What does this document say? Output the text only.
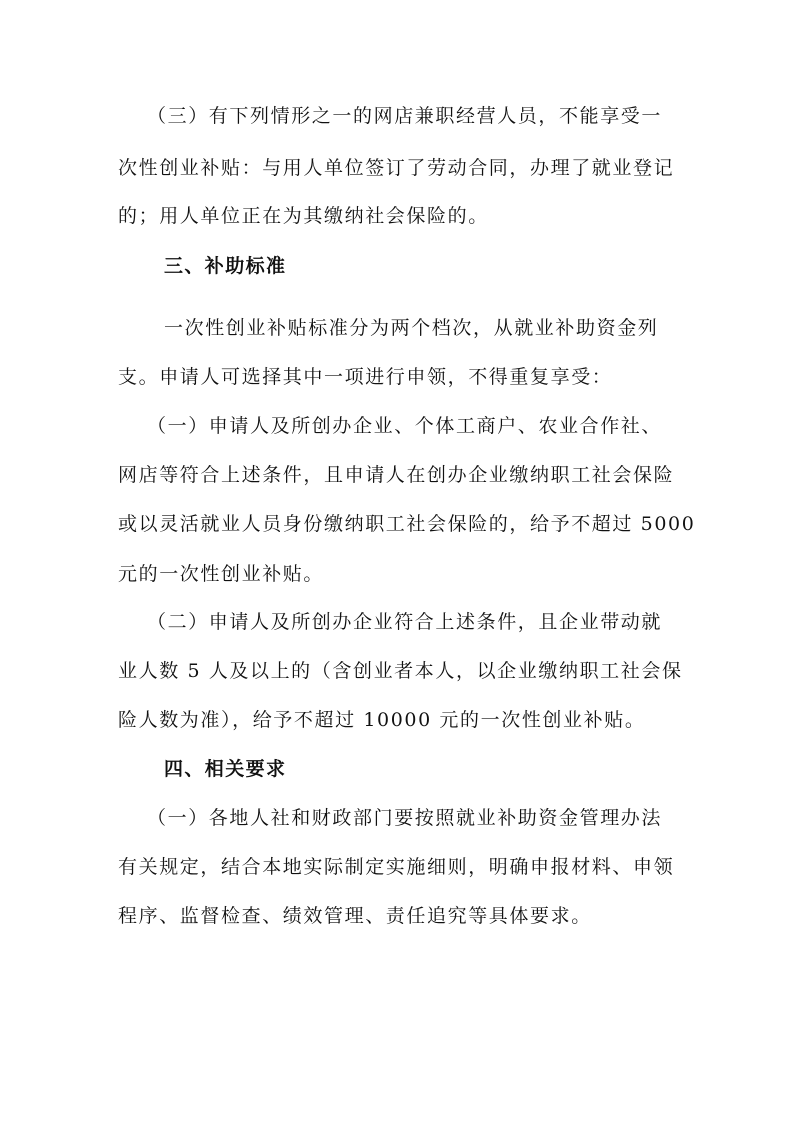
（三）有下列情形之一的网店兼职经营人员，不能享受一
次性创业补贴：与用人单位签订了劳动合同，办理了就业登记
的；用人单位正在为其缴纳社会保险的。
三、补助标准
一次性创业补贴标准分为两个档次，从就业补助资金列
支。申请人可选择其中一项进行申领，不得重复享受：
（一）申请人及所创办企业、个体工商户、农业合作社、
网店等符合上述条件，且申请人在创办企业缴纳职工社会保险
或以灵活就业人员身份缴纳职工社会保险的，给予不超过 5000
元的一次性创业补贴。
（二）申请人及所创办企业符合上述条件，且企业带动就
业人数 5 人及以上的（含创业者本人，以企业缴纳职工社会保
险人数为准），给予不超过 10000 元的一次性创业补贴。
四、相关要求
（一）各地人社和财政部门要按照就业补助资金管理办法
有关规定，结合本地实际制定实施细则，明确申报材料、申领
程序、监督检查、绩效管理、责任追究等具体要求。
